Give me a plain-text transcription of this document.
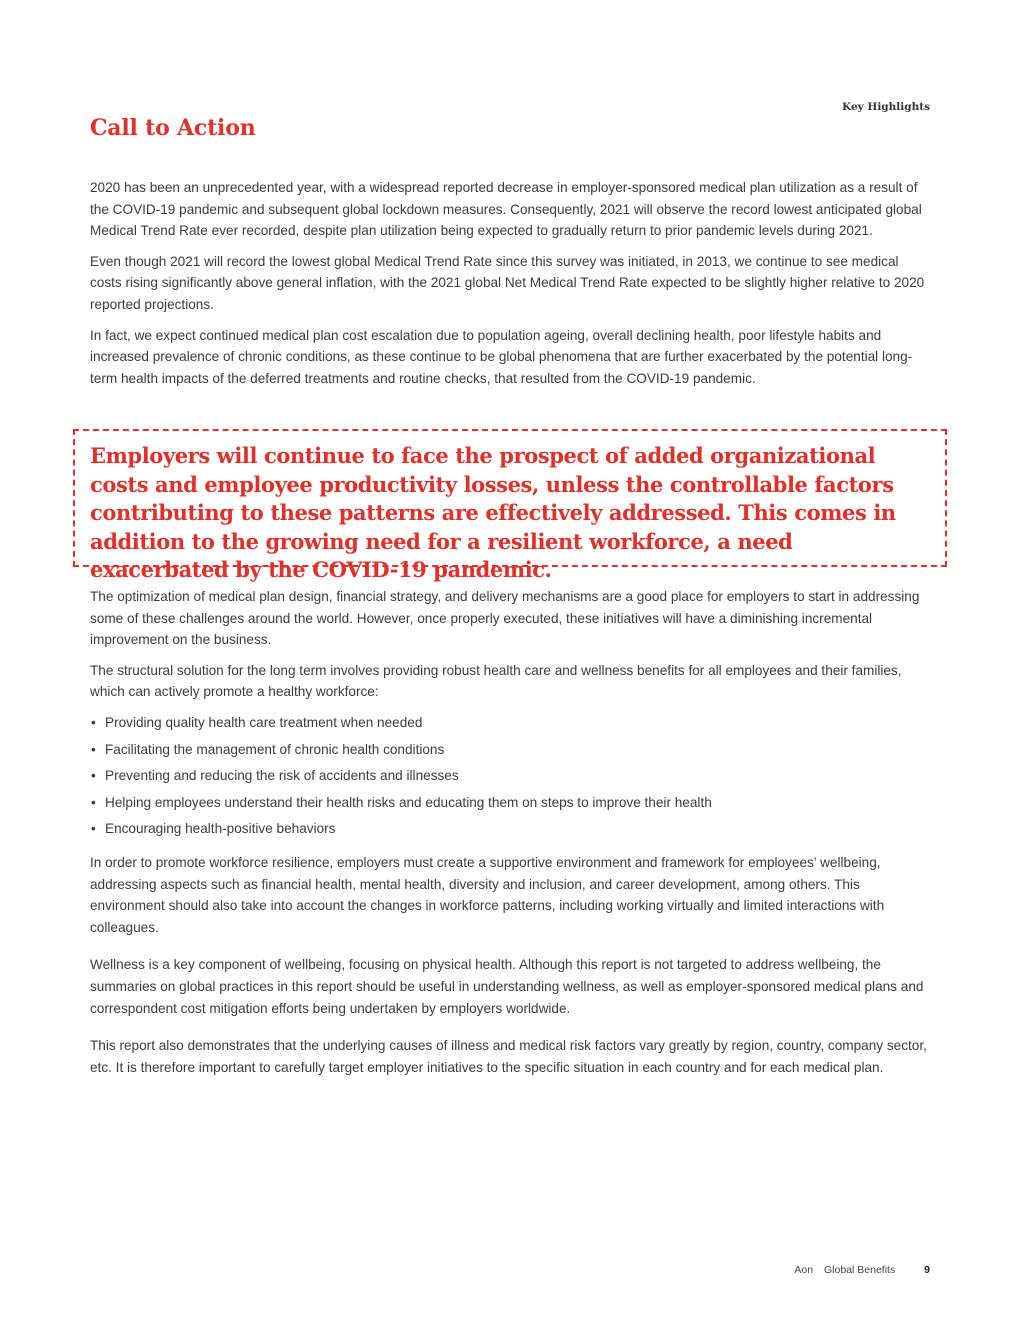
Key Highlights
Call to Action

2020 has been an unprecedented year, with a widespread reported decrease in employer-sponsored medical plan utilization as a result of the COVID-19 pandemic and subsequent global lockdown measures. Consequently, 2021 will observe the record lowest anticipated global Medical Trend Rate ever recorded, despite plan utilization being expected to gradually return to prior pandemic levels during 2021.

Even though 2021 will record the lowest global Medical Trend Rate since this survey was initiated, in 2013, we continue to see medical costs rising significantly above general inflation, with the 2021 global Net Medical Trend Rate expected to be slightly higher relative to 2020 reported projections.

In fact, we expect continued medical plan cost escalation due to population ageing, overall declining health, poor lifestyle habits and increased prevalence of chronic conditions, as these continue to be global phenomena that are further exacerbated by the potential long-term health impacts of the deferred treatments and routine checks, that resulted from the COVID-19 pandemic.

Employers will continue to face the prospect of added organizational costs and employee productivity losses, unless the controllable factors contributing to these patterns are effectively addressed. This comes in addition to the growing need for a resilient workforce, a need exacerbated by the COVID-19 pandemic.

The optimization of medical plan design, financial strategy, and delivery mechanisms are a good place for employers to start in addressing some of these challenges around the world. However, once properly executed, these initiatives will have a diminishing incremental improvement on the business.

The structural solution for the long term involves providing robust health care and wellness benefits for all employees and their families, which can actively promote a healthy workforce:

• Providing quality health care treatment when needed
• Facilitating the management of chronic health conditions
• Preventing and reducing the risk of accidents and illnesses
• Helping employees understand their health risks and educating them on steps to improve their health
• Encouraging health-positive behaviors

In order to promote workforce resilience, employers must create a supportive environment and framework for employees’ wellbeing, addressing aspects such as financial health, mental health, diversity and inclusion, and career development, among others. This environment should also take into account the changes in workforce patterns, including working virtually and limited interactions with colleagues.

Wellness is a key component of wellbeing, focusing on physical health. Although this report is not targeted to address wellbeing, the summaries on global practices in this report should be useful in understanding wellness, as well as employer-sponsored medical plans and correspondent cost mitigation efforts being undertaken by employers worldwide.

This report also demonstrates that the underlying causes of illness and medical risk factors vary greatly by region, country, company sector, etc. It is therefore important to carefully target employer initiatives to the specific situation in each country and for each medical plan.

Aon Global Benefits	9
